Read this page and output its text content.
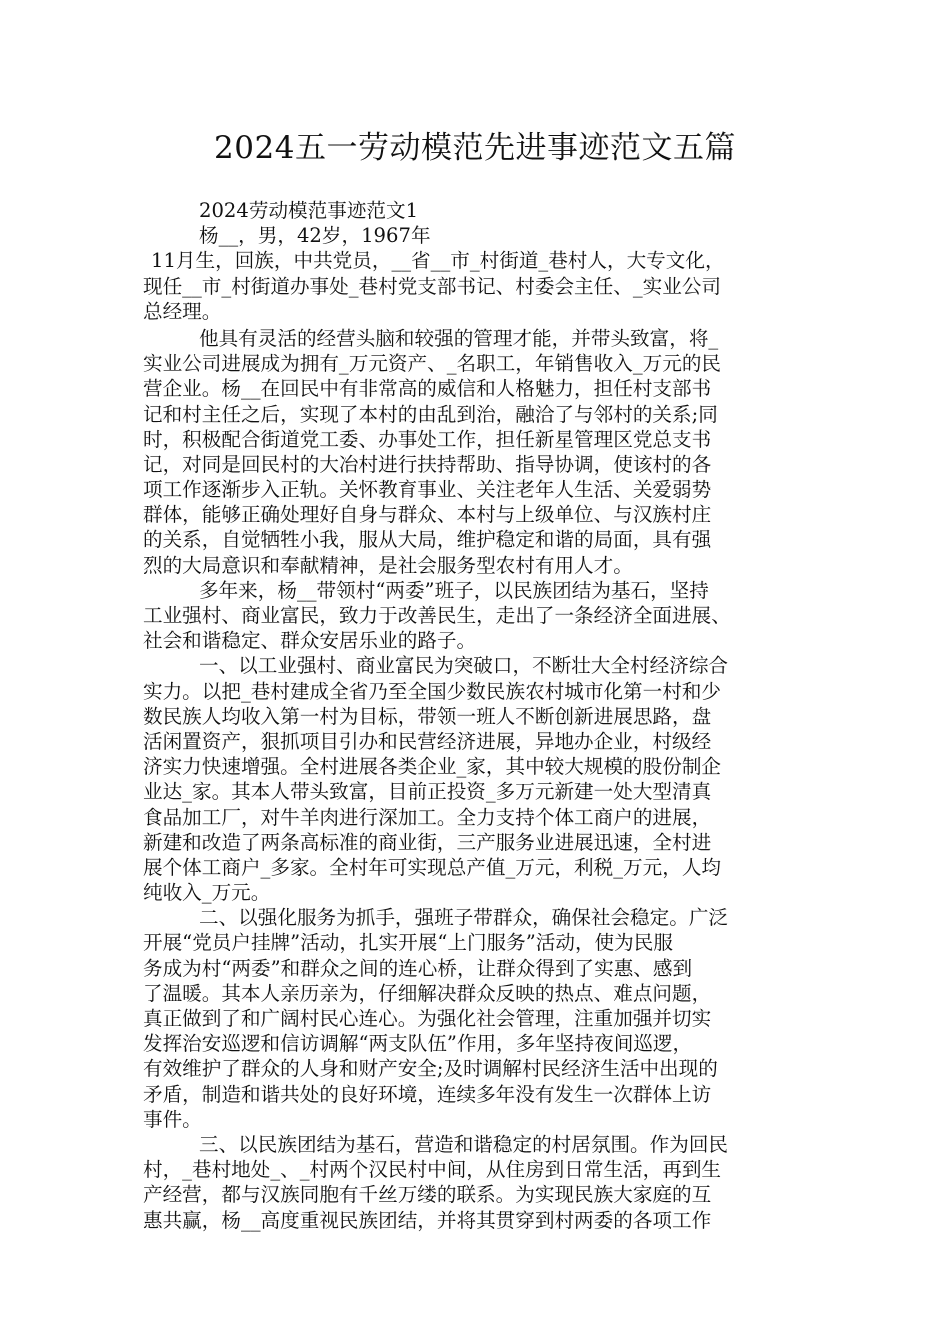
2024五一劳动模范先进事迹范文五篇
2024劳动模范事迹范文1
杨__，男，42岁，1967年
11月生，回族，中共党员，__省__市_村街道_巷村人，大专文化，
现任__市_村街道办事处_巷村党支部书记、村委会主任、_实业公司
总经理。
他具有灵活的经营头脑和较强的管理才能，并带头致富，将_
实业公司进展成为拥有_万元资产、_名职工，年销售收入_万元的民
营企业。杨__在回民中有非常高的威信和人格魅力，担任村支部书
记和村主任之后，实现了本村的由乱到治，融洽了与邻村的关系;同
时，积极配合街道党工委、办事处工作，担任新星管理区党总支书
记，对同是回民村的大冶村进行扶持帮助、指导协调，使该村的各
项工作逐渐步入正轨。关怀教育事业、关注老年人生活、关爱弱势
群体，能够正确处理好自身与群众、本村与上级单位、与汉族村庄
的关系，自觉牺牲小我，服从大局，维护稳定和谐的局面，具有强
烈的大局意识和奉献精神，是社会服务型农村有用人才。
多年来，杨__带领村“两委”班子，以民族团结为基石，坚持
工业强村、商业富民，致力于改善民生，走出了一条经济全面进展、
社会和谐稳定、群众安居乐业的路子。
一、以工业强村、商业富民为突破口，不断壮大全村经济综合
实力。以把_巷村建成全省乃至全国少数民族农村城市化第一村和少
数民族人均收入第一村为目标，带领一班人不断创新进展思路，盘
活闲置资产，狠抓项目引办和民营经济进展，异地办企业，村级经
济实力快速增强。全村进展各类企业_家，其中较大规模的股份制企
业达_家。其本人带头致富，目前正投资_多万元新建一处大型清真
食品加工厂，对牛羊肉进行深加工。全力支持个体工商户的进展，
新建和改造了两条高标准的商业街，三产服务业进展迅速，全村进
展个体工商户_多家。全村年可实现总产值_万元，利税_万元，人均
纯收入_万元。
二、以强化服务为抓手，强班子带群众，确保社会稳定。广泛
开展“党员户挂牌”活动，扎实开展“上门服务”活动，使为民服
务成为村“两委”和群众之间的连心桥，让群众得到了实惠、感到
了温暖。其本人亲历亲为，仔细解决群众反映的热点、难点问题，
真正做到了和广阔村民心连心。为强化社会管理，注重加强并切实
发挥治安巡逻和信访调解“两支队伍”作用，多年坚持夜间巡逻，
有效维护了群众的人身和财产安全;及时调解村民经济生活中出现的
矛盾，制造和谐共处的良好环境，连续多年没有发生一次群体上访
事件。
三、以民族团结为基石，营造和谐稳定的村居氛围。作为回民
村，_巷村地处_、_村两个汉民村中间，从住房到日常生活，再到生
产经营，都与汉族同胞有千丝万缕的联系。为实现民族大家庭的互
惠共赢，杨__高度重视民族团结，并将其贯穿到村两委的各项工作
